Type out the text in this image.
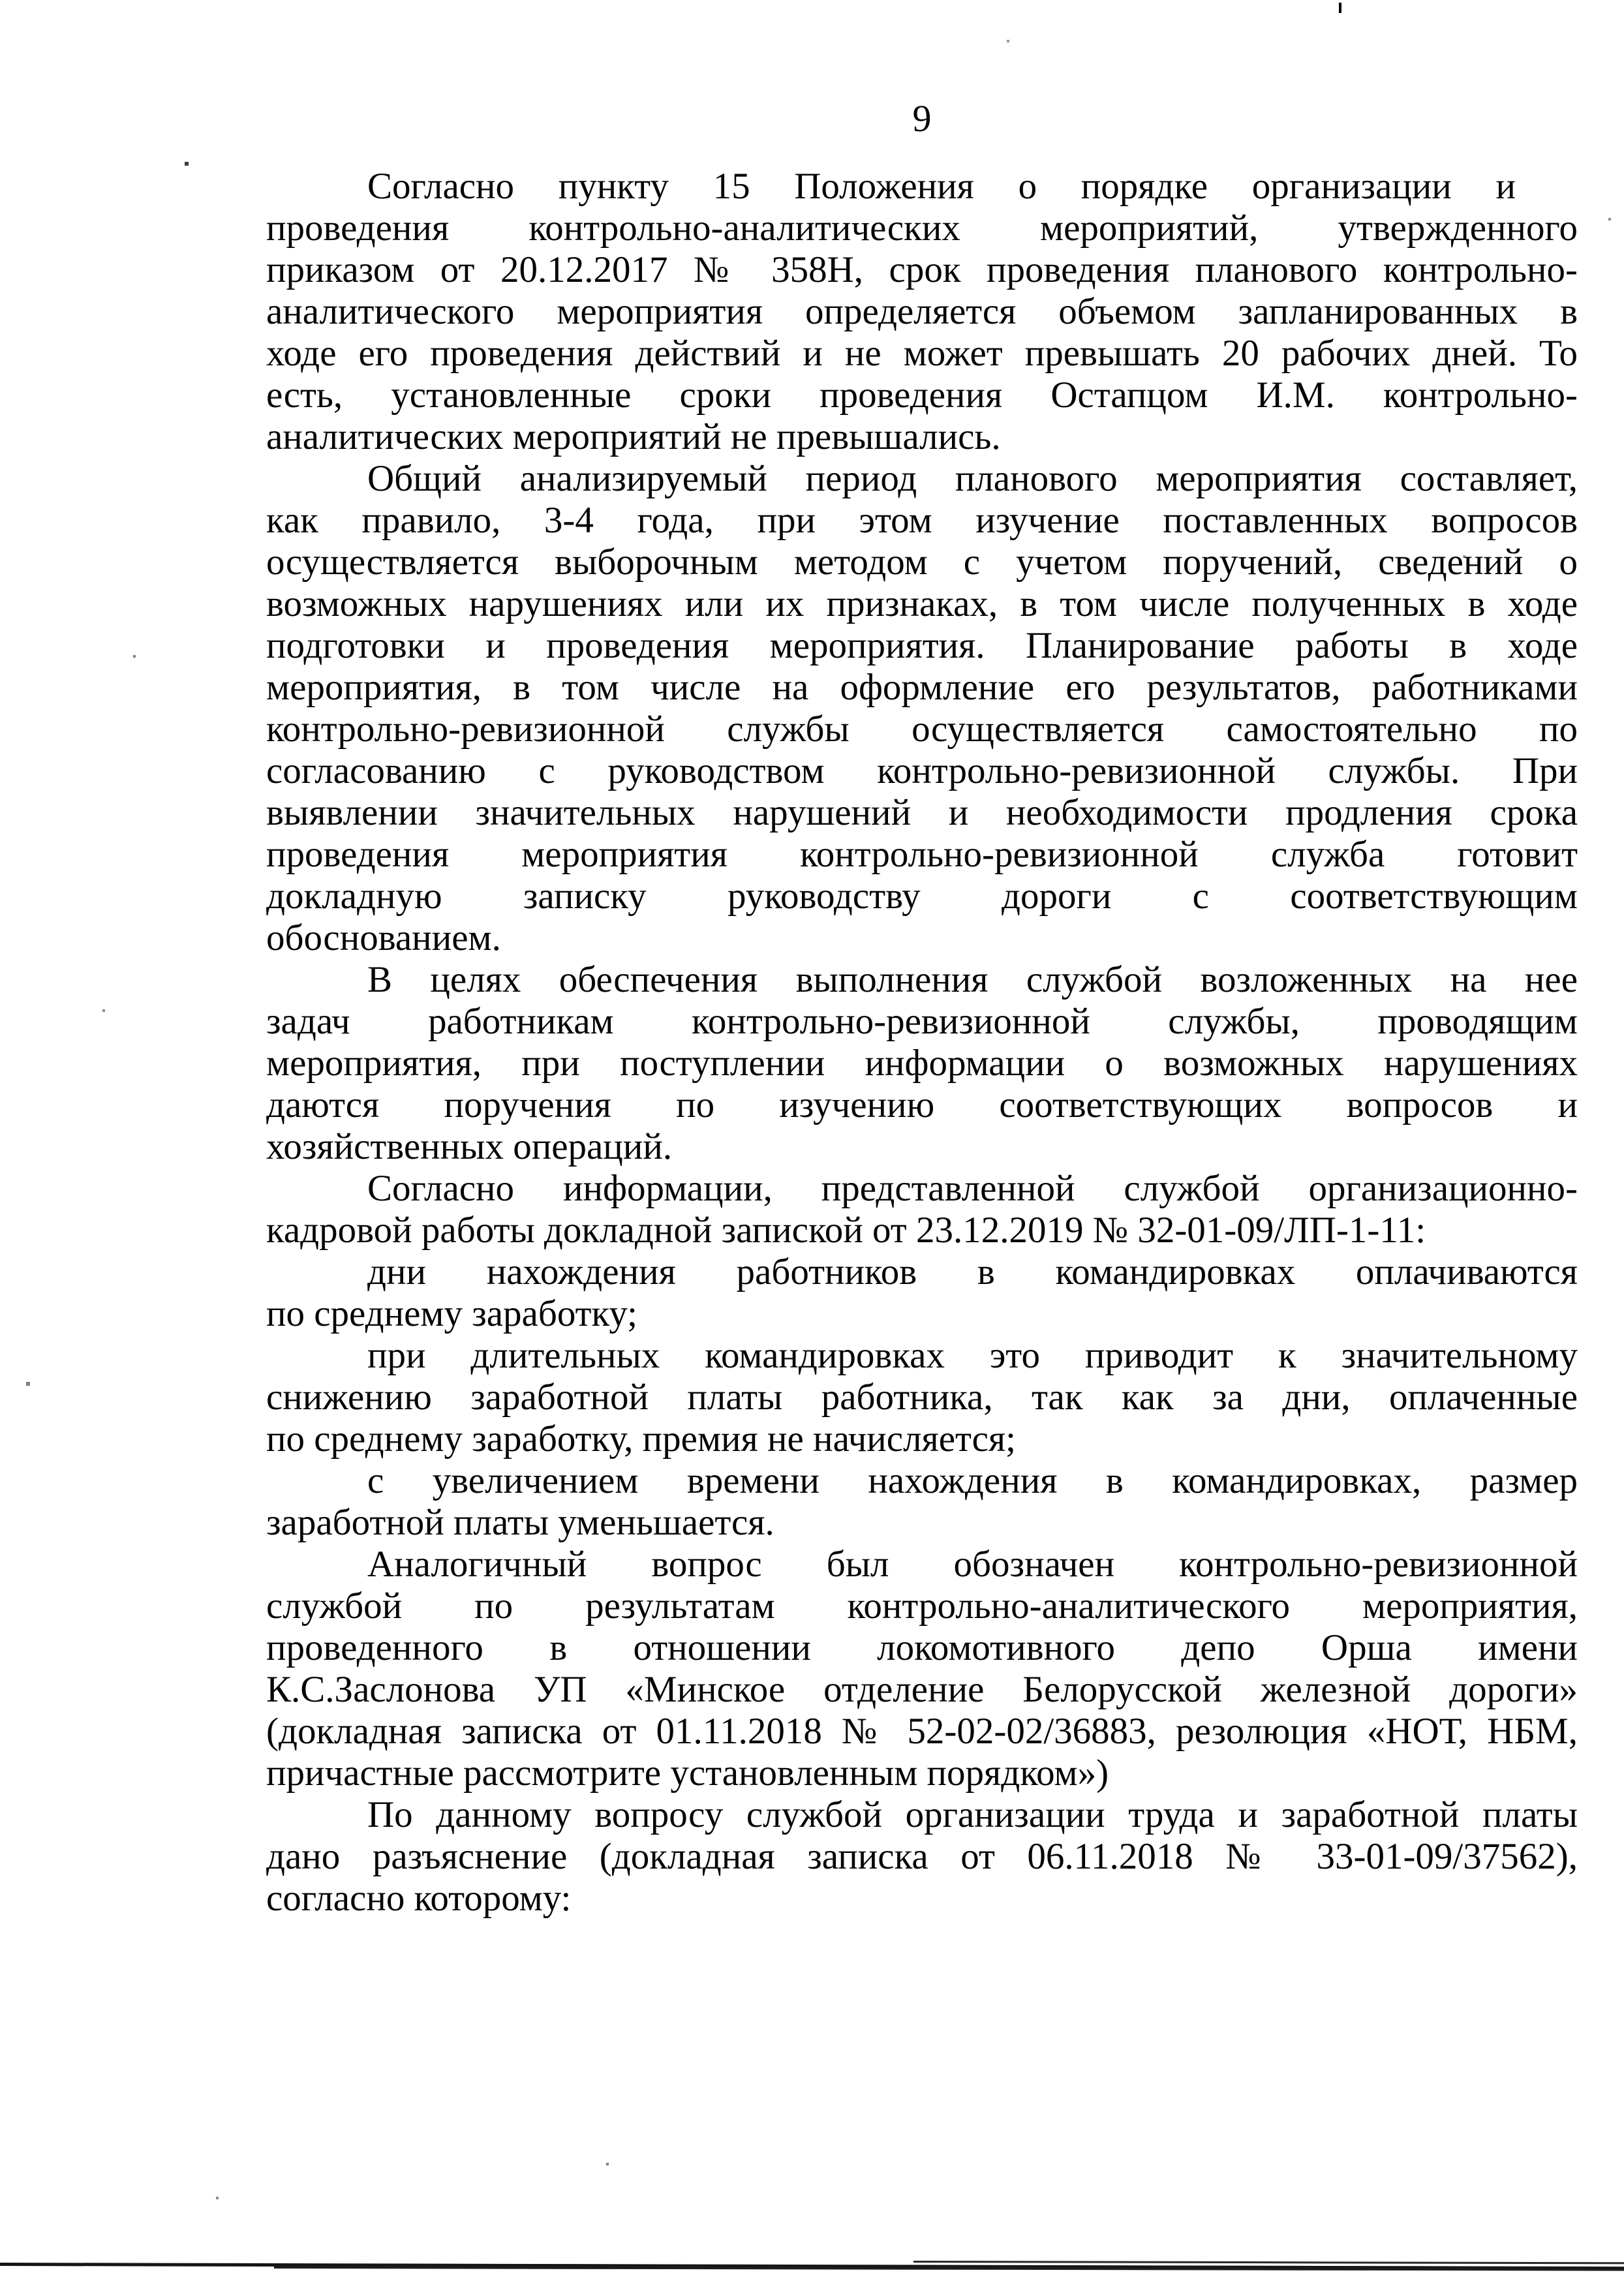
9
Согласно пункту 15 Положения о порядке организации и
проведения контрольно-аналитических мероприятий, утвержденного
приказом от 20.12.2017 № 358Н, срок проведения планового контрольно-
аналитического мероприятия определяется объемом запланированных в
ходе его проведения действий и не может превышать 20 рабочих дней. То
есть, установленные сроки проведения Остапцом И.М. контрольно-
аналитических мероприятий не превышались.
Общий анализируемый период планового мероприятия составляет,
как правило, 3-4 года, при этом изучение поставленных вопросов
осуществляется выборочным методом с учетом поручений, сведений о
возможных нарушениях или их признаках, в том числе полученных в ходе
подготовки и проведения мероприятия. Планирование работы в ходе
мероприятия, в том числе на оформление его результатов, работниками
контрольно-ревизионной службы осуществляется самостоятельно по
согласованию с руководством контрольно-ревизионной службы. При
выявлении значительных нарушений и необходимости продления срока
проведения мероприятия контрольно-ревизионной служба готовит
докладную записку руководству дороги с соответствующим
обоснованием.
В целях обеспечения выполнения службой возложенных на нее
задач работникам контрольно-ревизионной службы, проводящим
мероприятия, при поступлении информации о возможных нарушениях
даются поручения по изучению соответствующих вопросов и
хозяйственных операций.
Согласно информации, представленной службой организационно-
кадровой работы докладной запиской от 23.12.2019 № 32-01-09/ЛП-1-11:
дни нахождения работников в командировках оплачиваются
по среднему заработку;
при длительных командировках это приводит к значительному
снижению заработной платы работника, так как за дни, оплаченные
по среднему заработку, премия не начисляется;
с увеличением времени нахождения в командировках, размер
заработной платы уменьшается.
Аналогичный вопрос был обозначен контрольно-ревизионной
службой по результатам контрольно-аналитического мероприятия,
проведенного в отношении локомотивного депо Орша имени
К.С.Заслонова УП «Минское отделение Белорусской железной дороги»
(докладная записка от 01.11.2018 № 52-02-02/36883, резолюция «НОТ, НБМ,
причастные рассмотрите установленным порядком»)
По данному вопросу службой организации труда и заработной платы
дано разъяснение (докладная записка от 06.11.2018 № 33-01-09/37562),
согласно которому:
